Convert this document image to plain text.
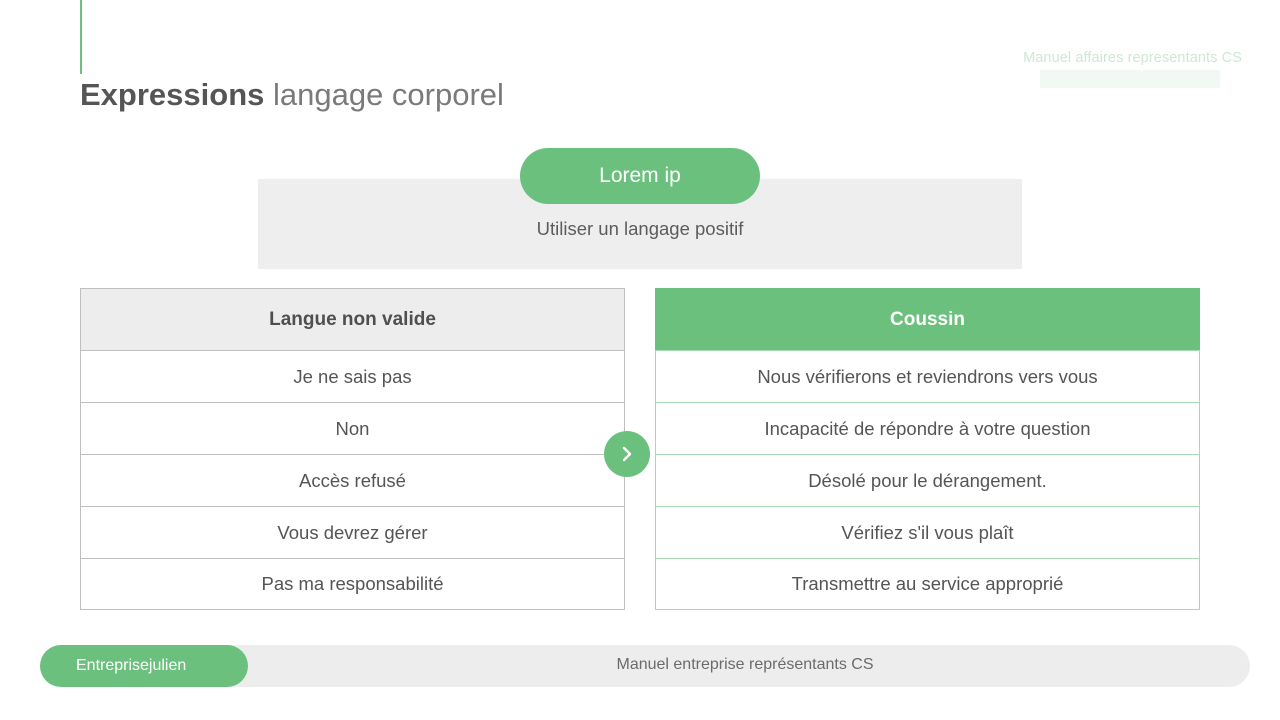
Manuel affaires representants CS
Expressions langage corporel
Utiliser un langage positif
Lorem ip
Langue non valide
Je ne sais pas
Non
Accès refusé
Vous devrez gérer
Pas ma responsabilité
Coussin
Nous vérifierons et reviendrons vers vous
Incapacité de répondre à votre question
Désolé pour le dérangement.
Vérifiez s'il vous plaît
Transmettre au service approprié
Manuel entreprise représentants CS
Entreprisejulien
